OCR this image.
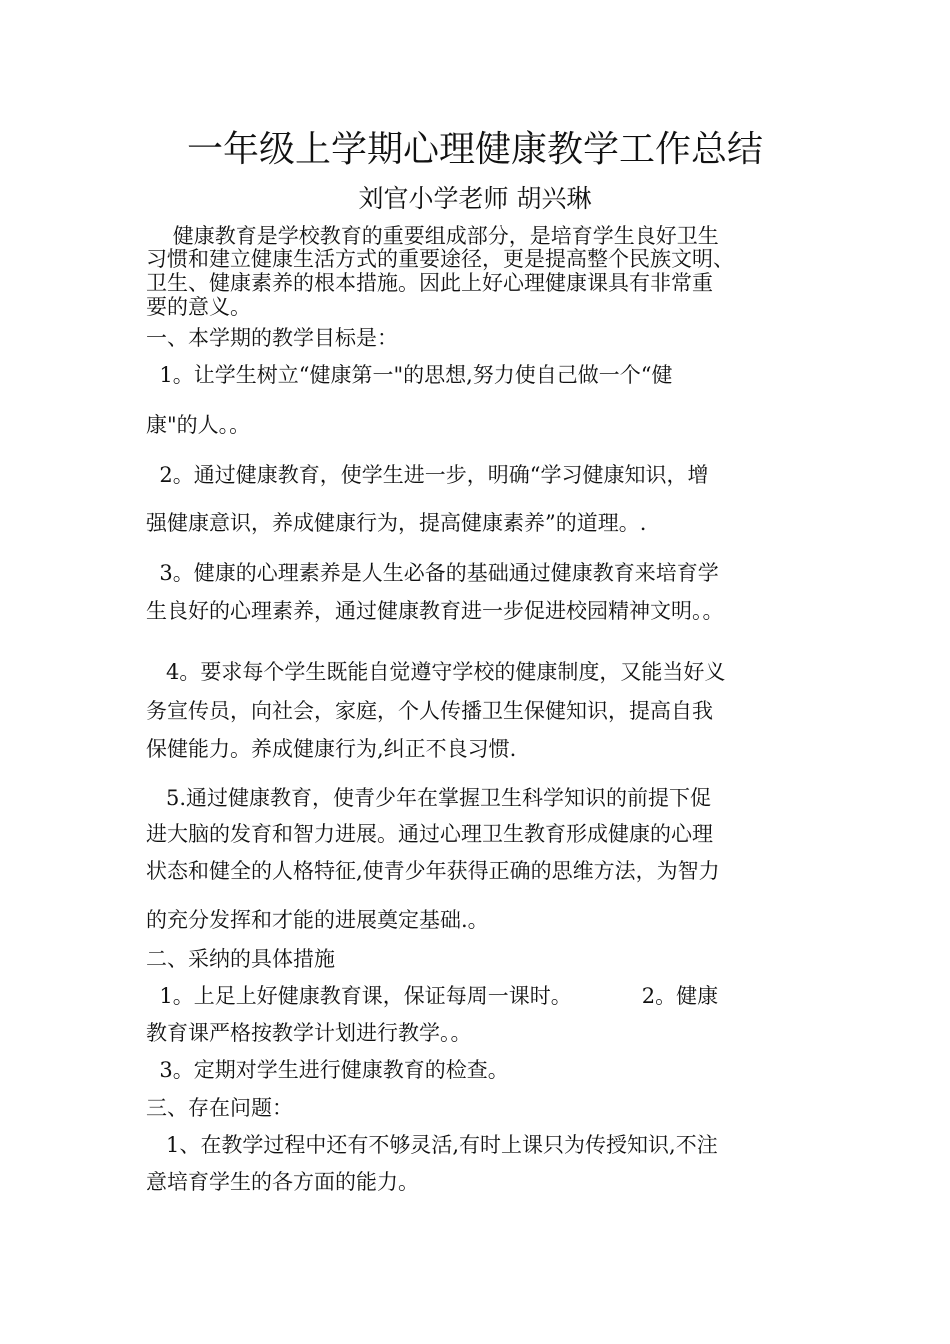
一年级上学期心理健康教学工作总结
刘官小学老师 胡兴琳

健康教育是学校教育的重要组成部分，是培育学生良好卫生

习惯和建立健康生活方式的重要途径，更是提高整个民族文明、

卫生、健康素养的根本措施。因此上好心理健康课具有非常重

要的意义。

一、本学期的教学目标是：

1。让学生树立“健康第一"的思想,努力使自己做一个“健

康"的人。。

2。通过健康教育，使学生进一步，明确“学习健康知识，增

强健康意识，养成健康行为，提高健康素养”的道理。.

3。健康的心理素养是人生必备的基础通过健康教育来培育学

生良好的心理素养，通过健康教育进一步促进校园精神文明。。

4。要求每个学生既能自觉遵守学校的健康制度，又能当好义

务宣传员，向社会，家庭，个人传播卫生保健知识，提高自我

保健能力。养成健康行为,纠正不良习惯.

5.通过健康教育，使青少年在掌握卫生科学知识的前提下促

进大脑的发育和智力进展。通过心理卫生教育形成健康的心理

状态和健全的人格特征,使青少年获得正确的思维方法，为智力

的充分发挥和才能的进展奠定基础.。

二、采纳的具体措施

1。上足上好健康教育课，保证每周一课时。	2。健康

教育课严格按教学计划进行教学。。

3。定期对学生进行健康教育的检查。

三、存在问题：

1、在教学过程中还有不够灵活,有时上课只为传授知识,不注

意培育学生的各方面的能力。
